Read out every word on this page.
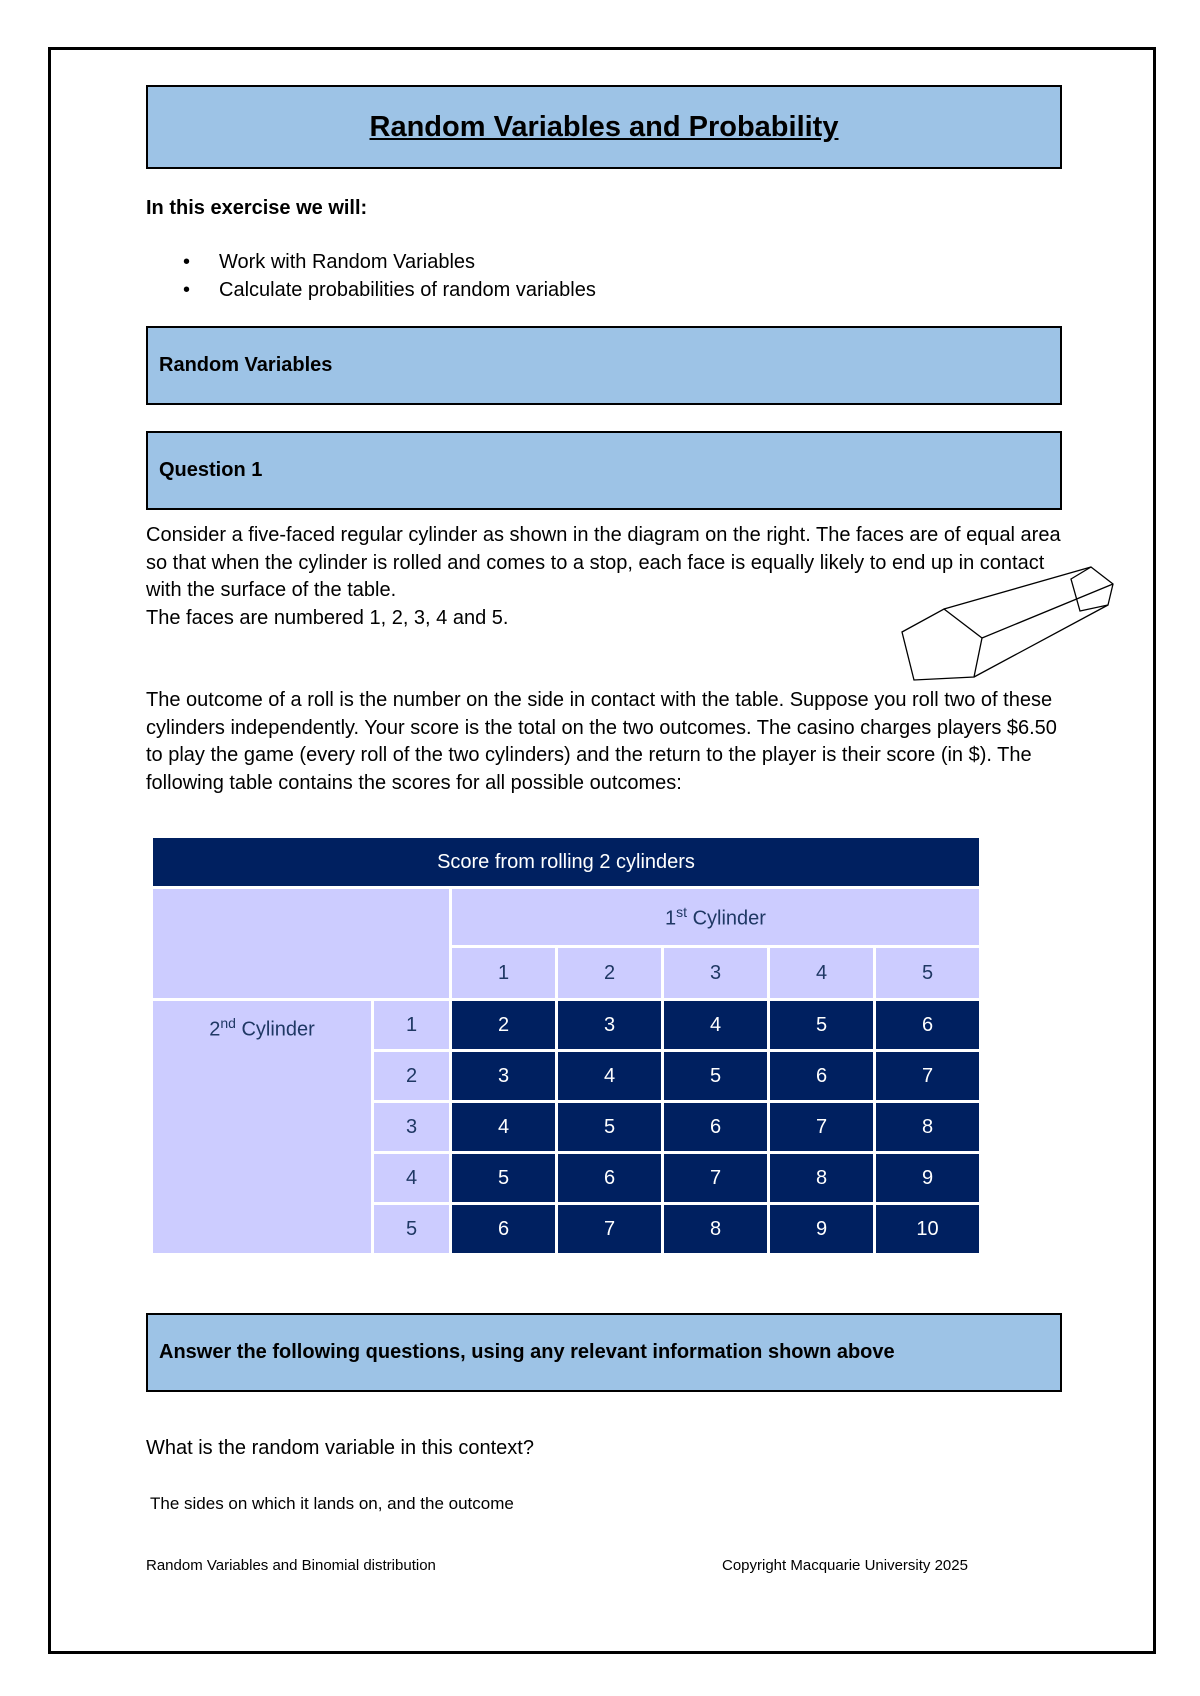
Random Variables and Probability

In this exercise we will:

• Work with Random Variables
• Calculate probabilities of random variables
Random Variables
Question 1

Consider a five-faced regular cylinder as shown in the diagram on the right. The faces are of equal area so that when the cylinder is rolled and comes to a stop, each face is equally likely to end up in contact with the surface of the table.
The faces are numbered 1, 2, 3, 4 and 5.

The outcome of a roll is the number on the side in contact with the table. Suppose you roll two of these cylinders independently. Your score is the total on the two outcomes. The casino charges players $6.50 to play the game (every roll of the two cylinders) and the return to the player is their score (in $). The following table contains the scores for all possible outcomes:

Score from rolling 2 cylinders						
		1st Cylinder				
		1	2	3	4	5
2nd Cylinder	1	2	3	4	5	6
	2	3	4	5	6	7
	3	4	5	6	7	8
	4	5	6	7	8	9
	5	6	7	8	9	10
Answer the following questions, using any relevant information shown above

What is the random variable in this context?

The sides on which it lands on, and the outcome

Random Variables and Binomial distribution	Copyright Macquarie University 2025
